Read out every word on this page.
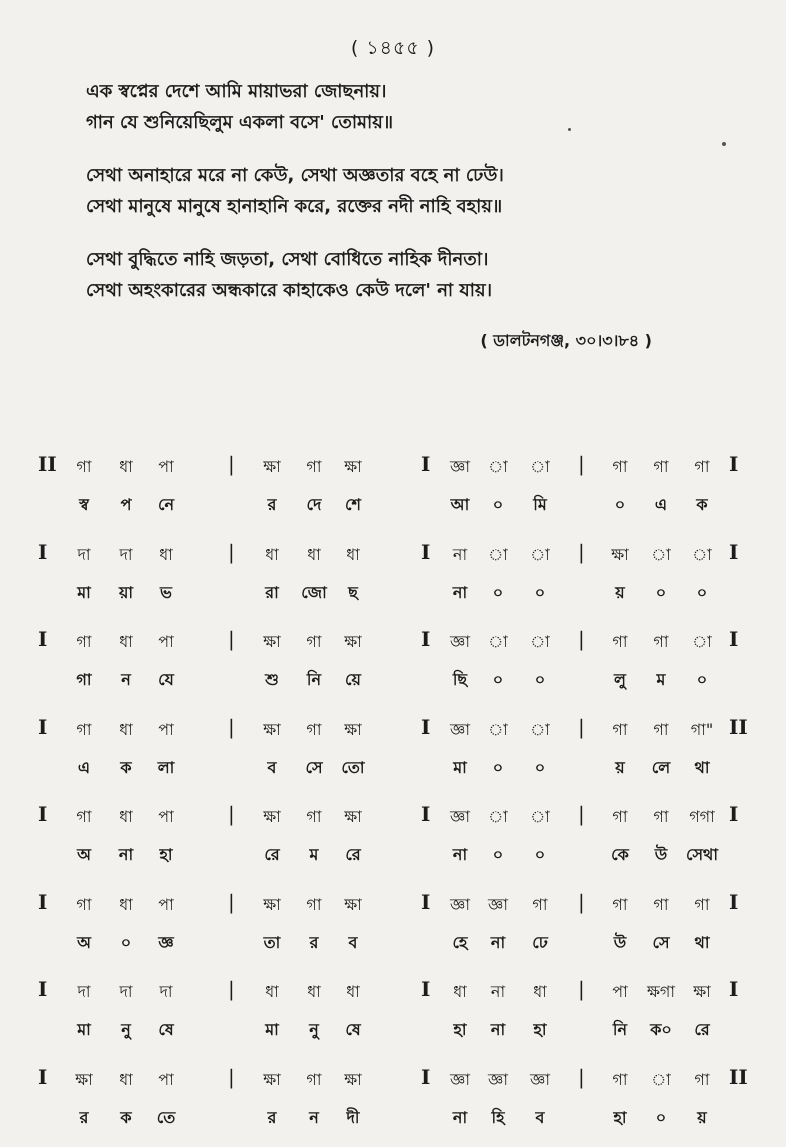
( ১৪৫৫ )
এক স্বপ্নের দেশে আমি মায়াভরা জোছনায়।
গান যে শুনিয়েছিলুম একলা বসে' তোমায়॥
সেথা অনাহারে মরে না কেউ, সেথা অজ্ঞতার বহে না ঢেউ।
সেথা মানুষে মানুষে হানাহানি করে, রক্তের নদী নাহি বহায়॥
সেথা বুদ্ধিতে নাহি জড়তা, সেথা বোধিতে নাহিক দীনতা।
সেথা অহংকারের অন্ধকারে কাহাকেও কেউ দলে' না যায়।
( ডালটনগঞ্জ, ৩০।৩।৮৪ )
II	গা	ধা	পা	|	ক্ষা	গা	ক্ষা	I	জ্ঞা	া	া	|	গা	গা	গা I
স্ব	প	নে	র	দে	শে	আ	০	মি	০	এ	ক
I	দা	দা	ধা	|	ধা	ধা	ধা	I	না	া	া	|	ক্ষা	া	া I
মা	য়া	ভ	রা	জো	ছ	না	০	০	য়	০	০
I	গা	ধা	পা	|	ক্ষা	গা	ক্ষা	I	জ্ঞা	া	া	|	গা	গা	া I
গা	ন	যে	শু	নি	য়ে	ছি	০	০	লু	ম	০
I	গা	ধা	পা	|	ক্ষা	গা	ক্ষা	I	জ্ঞা	া	া	|	গা	গা	গা" II
এ	ক	লা	ব	সে	তো	মা	০	০	য়	লে	থা
I	গা	ধা	পা	|	ক্ষা	গা	ক্ষা	I	জ্ঞা	া	া	|	গা	গা	গগা I
অ	না	হা	রে	ম	রে	না	০	০	কে	উ	সেথা
I	গা	ধা	পা	|	ক্ষা	গা	ক্ষা	I	জ্ঞা	জ্ঞা	গা	|	গা	গা	গা I
অ	০	জ্ঞ	তা	র	ব	হে	না	ঢে	উ	সে	থা
I	দা	দা	দা	|	ধা	ধা	ধা	I	ধা	না	ধা	|	পা	ক্ষগা	ক্ষা I
মা	নু	ষে	মা	নু	ষে	হা	না	হা	নি	ক০	রে
I	ক্ষা	ধা	পা	|	ক্ষা	গা	ক্ষা	I	জ্ঞা	জ্ঞা	জ্ঞা	|	গা	া	গা II
র	ক	তে	র	ন	দী	না	হি	ব	হা	০	য়
